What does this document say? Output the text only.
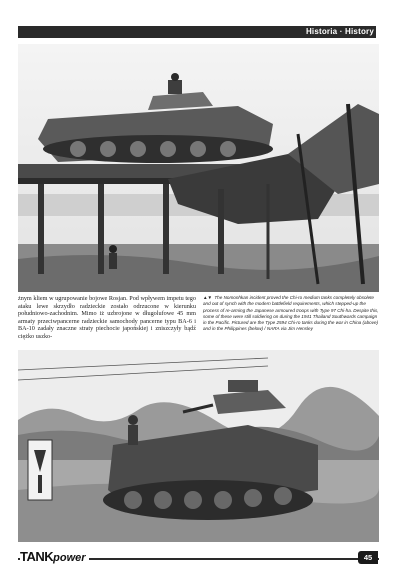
Historia · History

żnym kliem w ugrupowanie bojowe Rosjan. Pod wpływem impetu tego ataku lewe skrzydło radzieckie zostało odrzucone w kierunku południowo-zachodnim. Mimo iż uzbrojone w długolufowe 45 mm armaty przeciwpancerne radzieckie samochody pancerne typu BA-6 i BA-10 zadały znaczne straty piechocie japońskiej i zniszczyły bądź ciężko uszko-

▲▼ The Nomonhkan incident proved the Chi-ro medium tanks completely obsolete and out of synch with the modern battlefield requirements, which stepped-up the process of re-arming the Japanese armoured troops with Type 97 Chi-ha. Despite this, some of these were still soldiering on during the 1941 Thailand Southwards campaign in the Pacific. Pictured are the Type 2594 Chi-ro tanks during the war in China (above) and in the Philippines (below) / NARA via Jim Hensley

TANKpower	45
